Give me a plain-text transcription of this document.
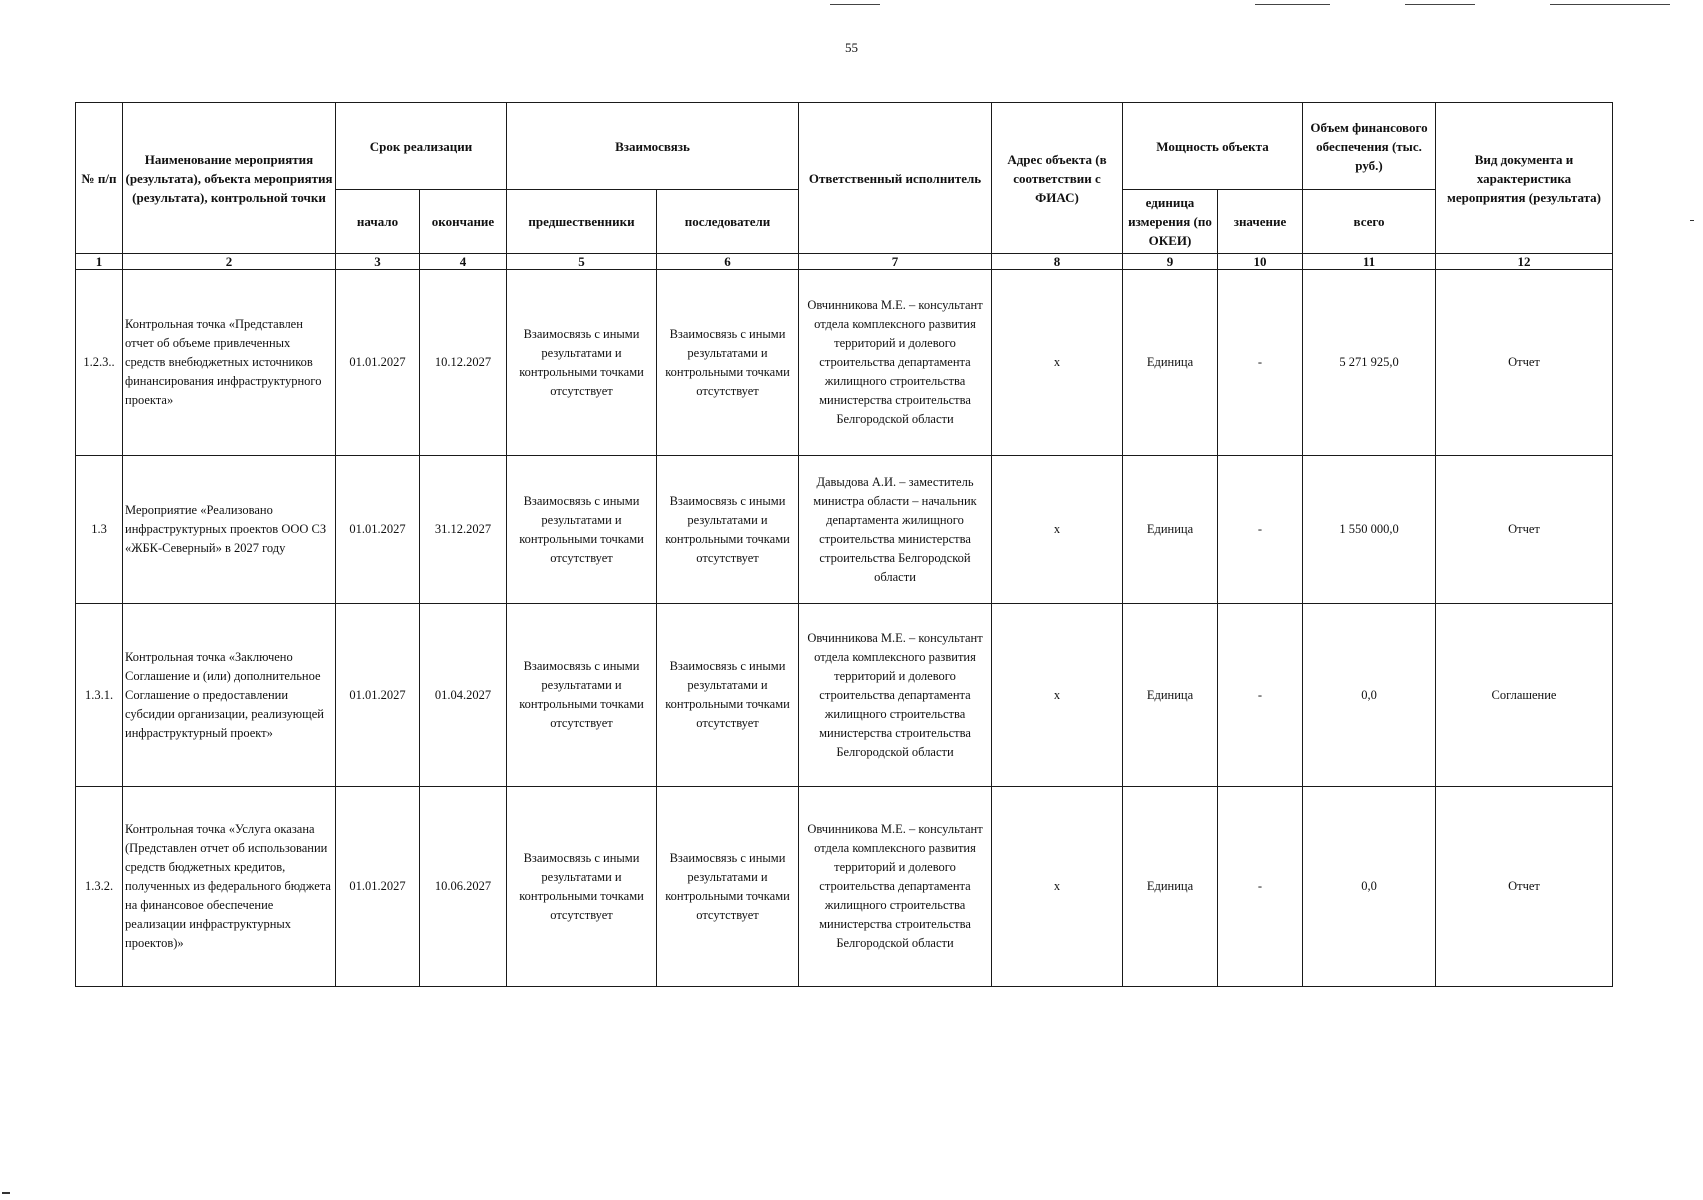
55
№ п/п	Наименование мероприятия (результата), объекта мероприятия (результата), контрольной точки	Срок реализации		Взаимосвязь		Ответственный исполнитель	Адрес объекта (в соответствии с ФИАС)	Мощность объекта		Объем финансового обеспечения (тыс. руб.)	Вид документа и характеристика мероприятия (результата)
		начало	окончание	предшественники	последователи			единица измерения (по ОКЕИ)	значение	всего	
1	2	3	4	5	6	7	8	9	10	11	12
1.2.3..	Контрольная точка «Представлен отчет об объеме привлеченных средств внебюджетных источников финансирования инфраструктурного проекта»	01.01.2027	10.12.2027	Взаимосвязь с иными результатами и контрольными точками отсутствует	Взаимосвязь с иными результатами и контрольными точками отсутствует	Овчинникова М.Е. – консультант отдела комплексного развития территорий и долевого строительства департамента жилищного строительства министерства строительства Белгородской области	x	Единица	-	5 271 925,0	Отчет
1.3	Мероприятие «Реализовано инфраструктурных проектов ООО СЗ «ЖБК-Северный» в 2027 году	01.01.2027	31.12.2027	Взаимосвязь с иными результатами и контрольными точками отсутствует	Взаимосвязь с иными результатами и контрольными точками отсутствует	Давыдова А.И. – заместитель министра области – начальник департамента жилищного строительства министерства строительства Белгородской области	x	Единица	-	1 550 000,0	Отчет
1.3.1.	Контрольная точка «Заключено Соглашение и (или) дополнительное Соглашение о предоставлении субсидии организации, реализующей инфраструктурный проект»	01.01.2027	01.04.2027	Взаимосвязь с иными результатами и контрольными точками отсутствует	Взаимосвязь с иными результатами и контрольными точками отсутствует	Овчинникова М.Е. – консультант отдела комплексного развития территорий и долевого строительства департамента жилищного строительства министерства строительства Белгородской области	x	Единица	-	0,0	Соглашение
1.3.2.	Контрольная точка «Услуга оказана (Представлен отчет об использовании средств бюджетных кредитов, полученных из федерального бюджета на финансовое обеспечение реализации инфраструктурных проектов)»	01.01.2027	10.06.2027	Взаимосвязь с иными результатами и контрольными точками отсутствует	Взаимосвязь с иными результатами и контрольными точками отсутствует	Овчинникова М.Е. – консультант отдела комплексного развития территорий и долевого строительства департамента жилищного строительства министерства строительства Белгородской области	x	Единица	-	0,0	Отчет
